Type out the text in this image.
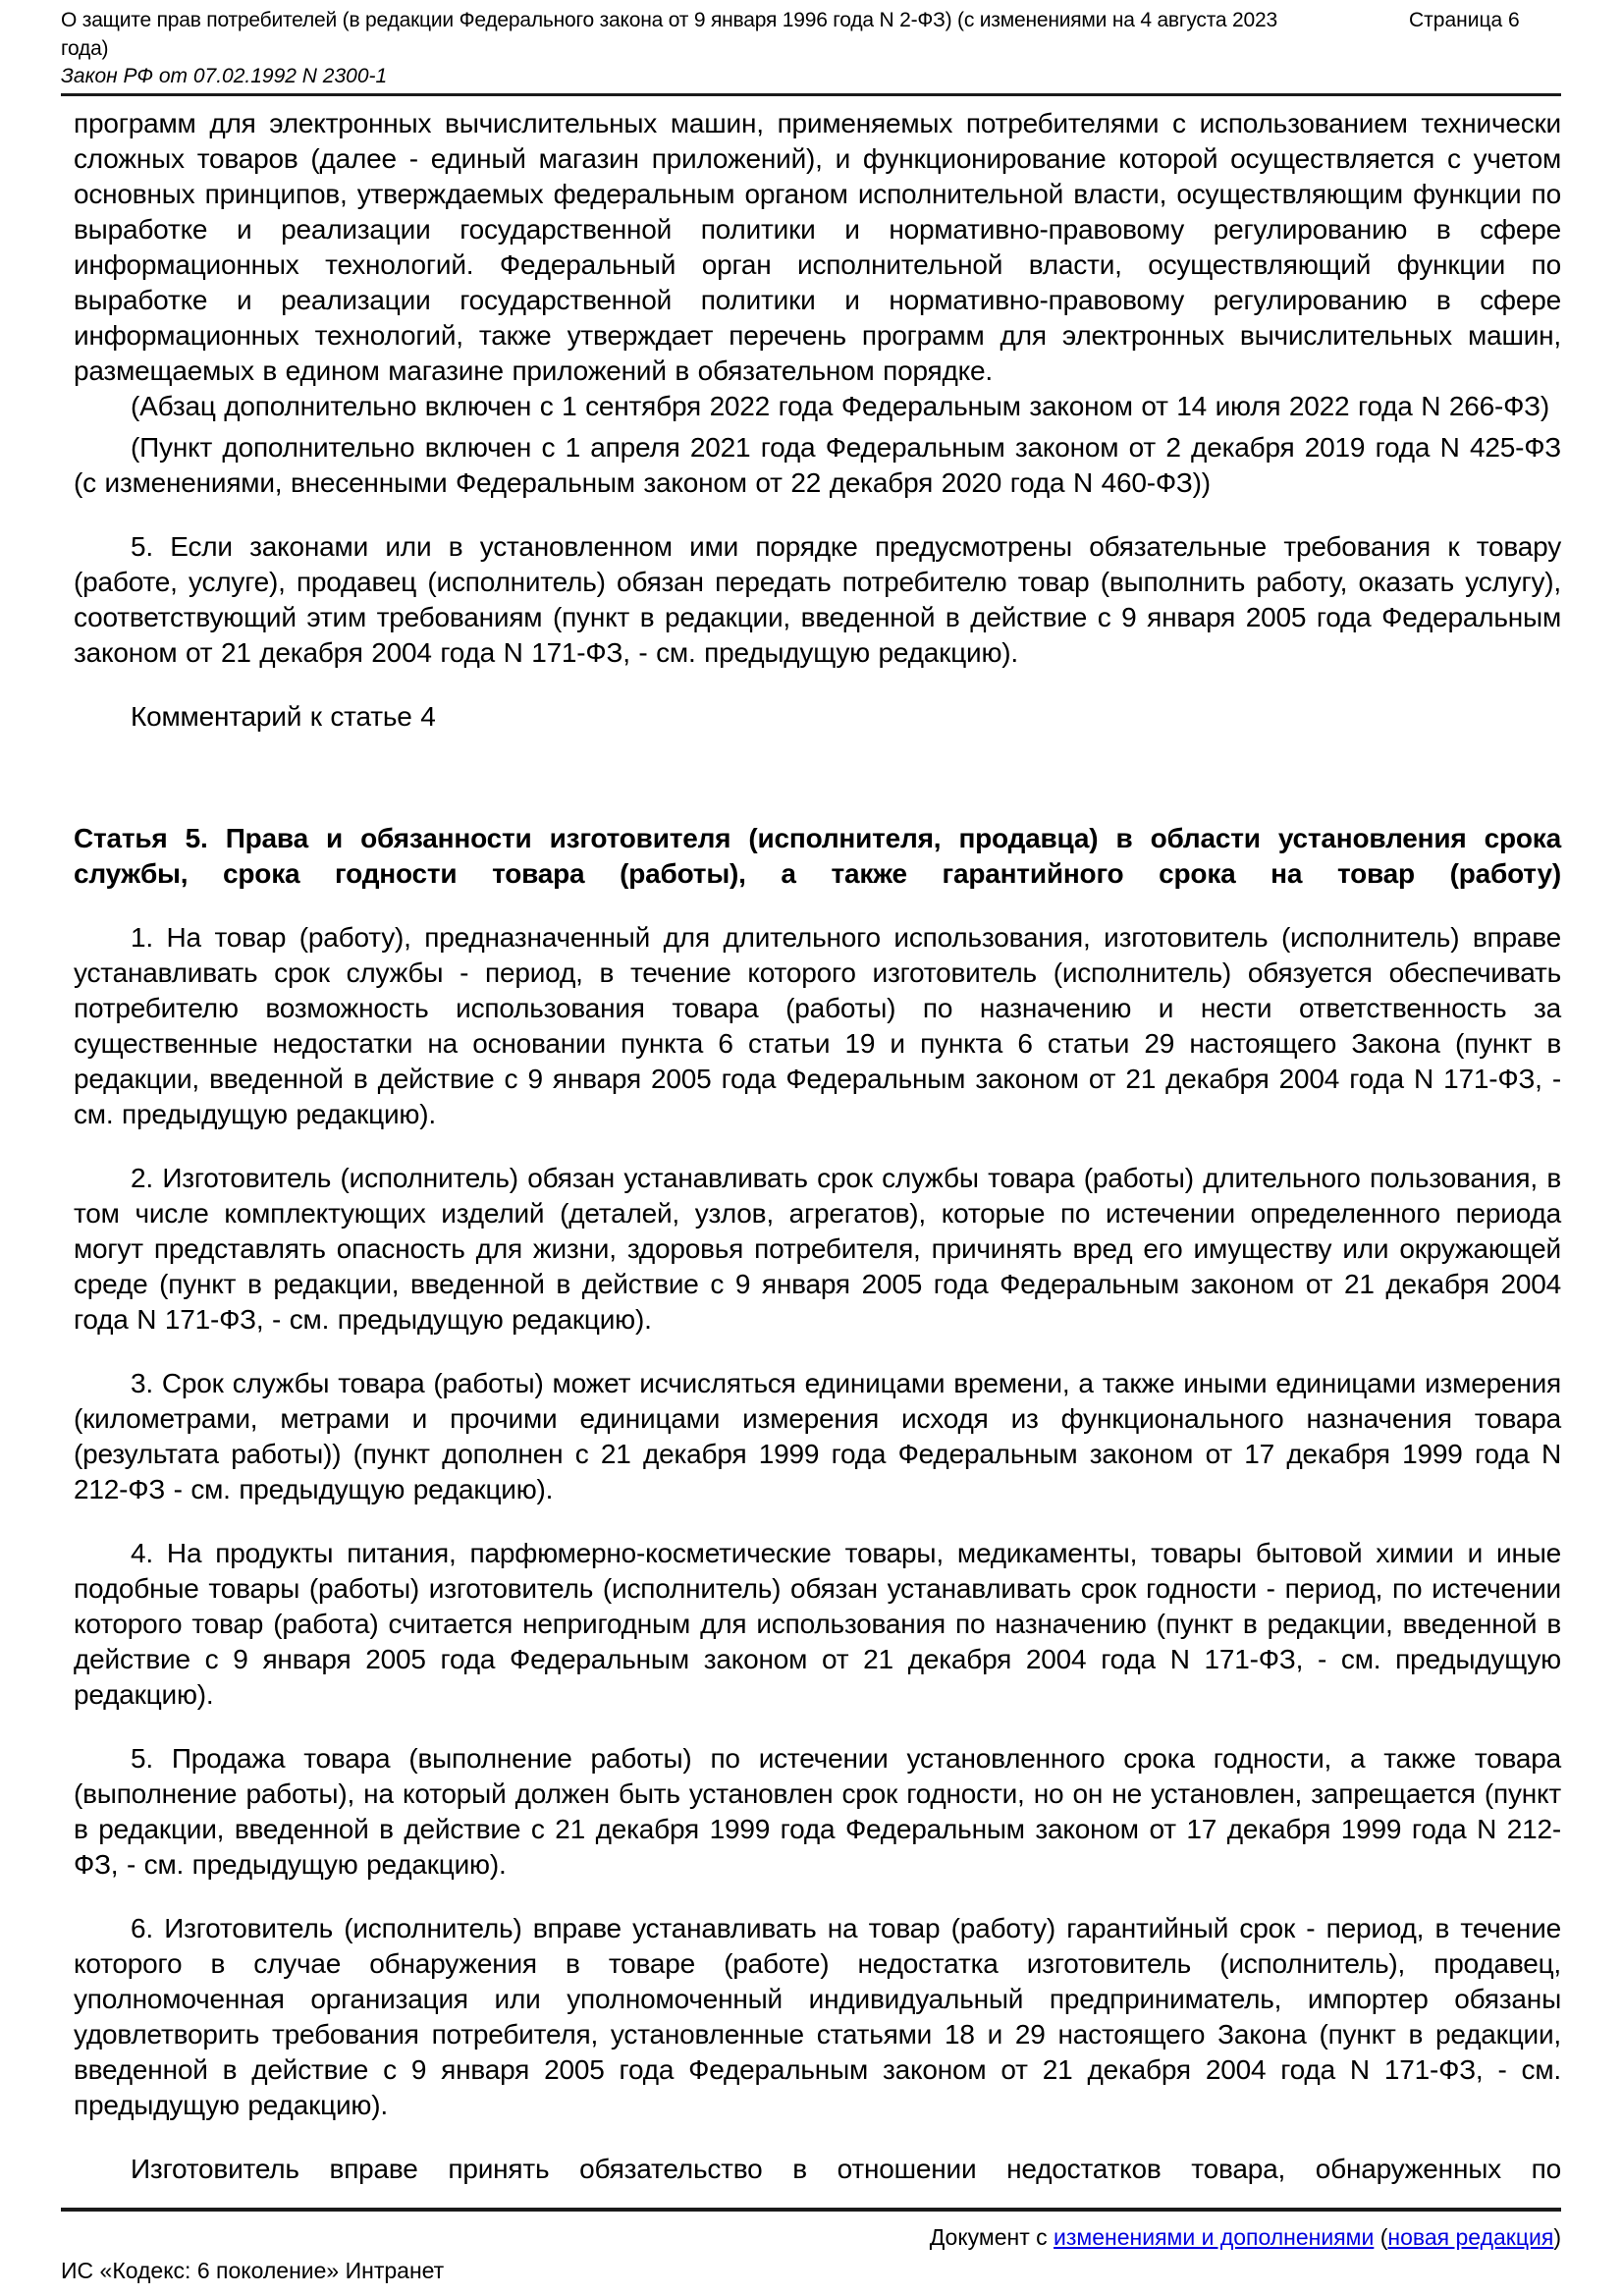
О защите прав потребителей (в редакции Федерального закона от 9 января 1996 года N 2-ФЗ) (с изменениями на 4 августа 2023 года)
Страница 6
Закон РФ от 07.02.1992 N 2300-1

программ для электронных вычислительных машин, применяемых потребителями с использованием технически сложных товаров (далее - единый магазин приложений), и функционирование которой осуществляется с учетом основных принципов, утверждаемых федеральным органом исполнительной власти, осуществляющим функции по выработке и реализации государственной политики и нормативно-правовому регулированию в сфере информационных технологий. Федеральный орган исполнительной власти, осуществляющий функции по выработке и реализации государственной политики и нормативно-правовому регулированию в сфере информационных технологий, также утверждает перечень программ для электронных вычислительных машин, размещаемых в едином магазине приложений в обязательном порядке.

(Абзац дополнительно включен с 1 сентября 2022 года Федеральным законом от 14 июля 2022 года N 266-ФЗ)

(Пункт дополнительно включен с 1 апреля 2021 года Федеральным законом от 2 декабря 2019 года N 425-ФЗ (с изменениями, внесенными Федеральным законом от 22 декабря 2020 года N 460-ФЗ))

5. Если законами или в установленном ими порядке предусмотрены обязательные требования к товару (работе, услуге), продавец (исполнитель) обязан передать потребителю товар (выполнить работу, оказать услугу), соответствующий этим требованиям (пункт в редакции, введенной в действие с 9 января 2005 года Федеральным законом от 21 декабря 2004 года N 171-ФЗ, - см. предыдущую редакцию).

Комментарий к статье 4

Статья 5. Права и обязанности изготовителя (исполнителя, продавца) в области установления срока службы, срока годности товара (работы), а также гарантийного срока на товар (работу)

1. На товар (работу), предназначенный для длительного использования, изготовитель (исполнитель) вправе устанавливать срок службы - период, в течение которого изготовитель (исполнитель) обязуется обеспечивать потребителю возможность использования товара (работы) по назначению и нести ответственность за существенные недостатки на основании пункта 6 статьи 19 и пункта 6 статьи 29 настоящего Закона (пункт в редакции, введенной в действие с 9 января 2005 года Федеральным законом от 21 декабря 2004 года N 171-ФЗ, - см. предыдущую редакцию).

2. Изготовитель (исполнитель) обязан устанавливать срок службы товара (работы) длительного пользования, в том числе комплектующих изделий (деталей, узлов, агрегатов), которые по истечении определенного периода могут представлять опасность для жизни, здоровья потребителя, причинять вред его имуществу или окружающей среде (пункт в редакции, введенной в действие с 9 января 2005 года Федеральным законом от 21 декабря 2004 года N 171-ФЗ, - см. предыдущую редакцию).

3. Срок службы товара (работы) может исчисляться единицами времени, а также иными единицами измерения (километрами, метрами и прочими единицами измерения исходя из функционального назначения товара (результата работы)) (пункт дополнен с 21 декабря 1999 года Федеральным законом от 17 декабря 1999 года N 212-ФЗ - см. предыдущую редакцию).

4. На продукты питания, парфюмерно-косметические товары, медикаменты, товары бытовой химии и иные подобные товары (работы) изготовитель (исполнитель) обязан устанавливать срок годности - период, по истечении которого товар (работа) считается непригодным для использования по назначению (пункт в редакции, введенной в действие с 9 января 2005 года Федеральным законом от 21 декабря 2004 года N 171-ФЗ, - см. предыдущую редакцию).

5. Продажа товара (выполнение работы) по истечении установленного срока годности, а также товара (выполнение работы), на который должен быть установлен срок годности, но он не установлен, запрещается (пункт в редакции, введенной в действие с 21 декабря 1999 года Федеральным законом от 17 декабря 1999 года N 212-ФЗ, - см. предыдущую редакцию).

6. Изготовитель (исполнитель) вправе устанавливать на товар (работу) гарантийный срок - период, в течение которого в случае обнаружения в товаре (работе) недостатка изготовитель (исполнитель), продавец, уполномоченная организация или уполномоченный индивидуальный предприниматель, импортер обязаны удовлетворить требования потребителя, установленные статьями 18 и 29 настоящего Закона (пункт в редакции, введенной в действие с 9 января 2005 года Федеральным законом от 21 декабря 2004 года N 171-ФЗ, - см. предыдущую редакцию).

Изготовитель вправе принять обязательство в отношении недостатков товара, обнаруженных по

Документ с изменениями и дополнениями (новая редакция)
ИС «Кодекс: 6 поколение» Интранет
